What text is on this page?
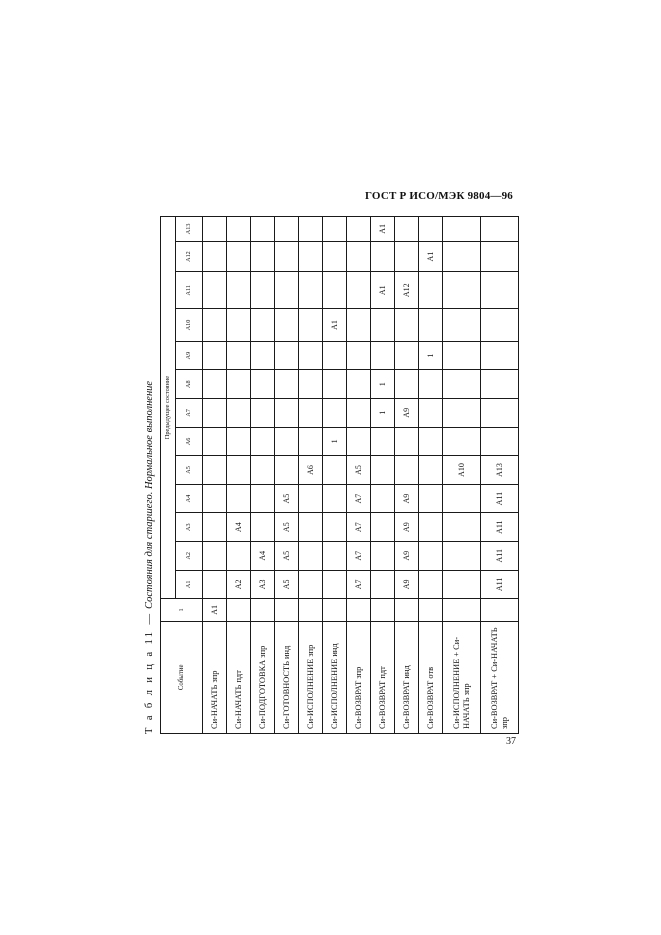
ГОСТ Р ИСО/МЭК 9804—96
Т а б л и ц а 11 — Состояния для старшего. Нормальное выполнение
Событие	1	Предыдущее состояние												
		А1	А2	А3	А4	А5	А6	А7	А8	А9	А10	А11	А12	А13
Си-НАЧАТЬ зпр	А1													
Си-НАЧАТЬ пдт		А2		А4										
Си-ПОДГОТОВКА зпр		А3	А4											
Си-ГОТОВНОСТЬ инд		А5	А5	А5	А5									
Си-ИСПОЛНЕНИЕ зпр						А6								
Си-ИСПОЛНЕНИЕ инд							1				А1			
Си-ВОЗВРАТ зпр		А7	А7	А7	А7	А5								
Си-ВОЗВРАТ пдт								1	1			А1		А1
Си-ВОЗВРАТ инд		А9	А9	А9	А9			А9				А12		
Си-ВОЗВРАТ отв										1			А1	
Си-ИСПОЛНЕНИЕ + Си-НАЧАТЬ зпр						А10								
Си-ВОЗВРАТ + Си-НАЧАТЬ зпр		А11	А11	А11	А11	А13								
37
